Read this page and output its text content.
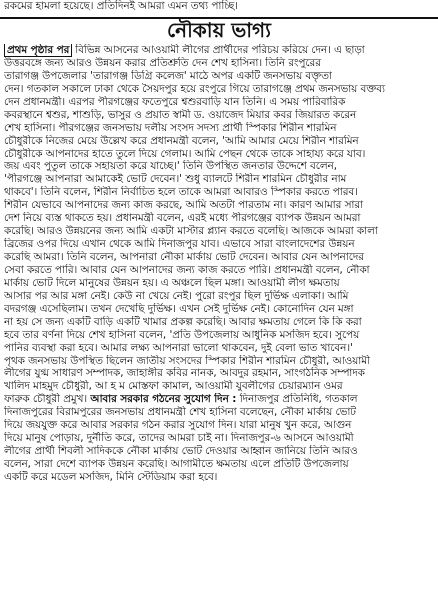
রকমের হামলা হয়েছে। প্রতিদিনই আমরা এমন তথ্য পাচ্ছি।
নৌকায় ভাগ্য
প্রথম পৃষ্ঠার পর বিভিন্ন আসনের আওয়ামী লীগের প্রার্থীদের পরিচয় করিয়ে দেন। এ ছাড়া
উত্তরবঙ্গে জন্য আরও উন্নয়ন করার প্রতিশ্রুতি দেন শেখ হাসিনা। তিনি রংপুরের
তারাগঞ্জ উপজেলার 'তারাগঞ্জ ডিগ্রি কলেজ' মাঠে অপর একটি জনসভায় বক্তৃতা
দেন। গতকাল সকালে ঢাকা থেকে সৈয়দপুর হয়ে রংপুরে গিয়ে তারাগঞ্জে প্রথম জনসভায় বক্তব্য
দেন প্রধানমন্ত্রী। এরপর পীরগঞ্জের ফতেপুরে শ্বশুরবাড়ি যান তিনি। এ সময় পারিবারিক
কবরস্থানে শ্বশুর, শাশুড়ি, ভাসুর ও প্রয়াত স্বামী ড. ওয়াজেদ মিয়ার কবর জিয়ারত করেন
শেখ হাসিনা। পীরগঞ্জের জনসভায় দলীয় সংসদ সদস্য প্রার্থী স্পিকার শিরীন শারমিন
চৌধুরীকে নিজের মেয়ে উল্লেখ করে প্রধানমন্ত্রী বলেন, 'আমি আমার মেয়ে শিরীন শারমিন
চৌধুরীকে আপনাদের হাতে তুলে দিয়ে গেলাম। আমি পেছন থেকে তাকে সাহায্য করে যাব।
জয় এবং পুতুল তাকে সহায়তা করে যাচ্ছে।' তিনি উপস্থিত জনতার উদ্দেশে বলেন,
'পীরগঞ্জে আপনারা আমাকেই ভোট দেবেন।' শুধু ব্যালটে শিরীন শারমিন চৌধুরীর নাম
থাকবে'। তিনি বলেন, শিরীন নির্বাচিত হলে তাকে আমরা আবারও স্পিকার করতে পারব।
শিরীন যেভাবে আপনাদের জন্য কাজ করছে, আমি অতটা পারতাম না। কারণ আমার সারা
দেশ নিয়ে ব্যস্ত থাকতে হয়। প্রধানমন্ত্রী বলেন, এরই মধ্যে পীরগঞ্জের ব্যাপক উন্নয়ন আমরা
করেছি। আরও উন্নয়নের জন্য আমি একটা মাস্টার প্ল্যান করতে বলেছি। আজকে আমরা কালা
ব্রিজের ওপর দিয়ে এখান থেকে আমি দিনাজপুর যাব। এভাবে সারা বাংলাদেশের উন্নয়ন
করেছি আমরা। তিনি বলেন, আপনারা নৌকা মার্কায় ভোট দেবেন। আবার যেন আপনাদের
সেবা করতে পারি। আবার যেন আপনাদের জন্য কাজ করতে পারি। প্রধানমন্ত্রী বলেন, নৌকা
মার্কায় ভোট দিলে মানুষের উন্নয়ন হয়। এ অঞ্চলে ছিল মঙ্গা। আওয়ামী লীগ ক্ষমতায়
আসার পর আর মঙ্গা নেই। কেউ না খেয়ে নেই। পুরো রংপুর ছিল দুর্ভিক্ষ এলাকা। আমি
বদরগঞ্জ এসেছিলাম। তখন দেখেছি দুর্ভিক্ষ। এখন সেই দুর্ভিক্ষ নেই। কোনোদিন যেন মঙ্গা
না হয় সে জন্য একটি বাড়ি একটি খামার প্রকল্প করেছি। আবার ক্ষমতায় গেলে কি কি করা
হবে তার বর্ণনা দিয়ে শেখ হাসিনা বলেন, 'প্রতি উপজেলায় আধুনিক মসজিদ হবে। সুপেয়
পানির ব্যবস্থা করা হবে। আমার লক্ষ্য আপনারা ভালো থাকবেন, দুই বেলা ভাত খাবেন।'
পৃথক জনসভায় উপস্থিত ছিলেন জাতীয় সংসদের স্পিকার শিরীন শারমিন চৌধুরী, আওয়ামী
লীগের যুগ্ম সাধারণ সম্পাদক, জাহাঙ্গীর কবির নানক, আবদুর রহমান, সাংগঠনিক সম্পাদক
খালিদ মাহমুদ চৌধুরী, আ হ ম মোস্তফা কামাল, আওয়ামী যুবলীগের চেয়ারম্যান ওমর
ফারুক চৌধুরী প্রমুখ। আবার সরকার গঠনের সুযোগ দিন : দিনাজপুর প্রতিনিধি, গতকাল
দিনাজপুরের বিরামপুরের জনসভায় প্রধানমন্ত্রী শেখ হাসিনা বলেছেন, নৌকা মার্কায় ভোট
দিয়ে জয়যুক্ত করে আবার সরকার গঠন করার সুযোগ দিন। যারা মানুষ খুন করে, আগুন
দিয়ে মানুষ পোড়ায়, দুর্নীতি করে, তাদের আমরা চাই না। দিনাজপুর-৬ আসনে আওয়ামী
লীগের প্রার্থী শিবলী সাদিককে নৌকা মার্কায় ভোট দেওয়ার আহ্বান জানিয়ে তিনি আরও
বলেন, সারা দেশে ব্যাপক উন্নয়ন করেছি। আগামীতে ক্ষমতায় এলে প্রতিটি উপজেলায়
একটি করে মডেল মসজিদ, মিনি স্টেডিয়াম করা হবে।
